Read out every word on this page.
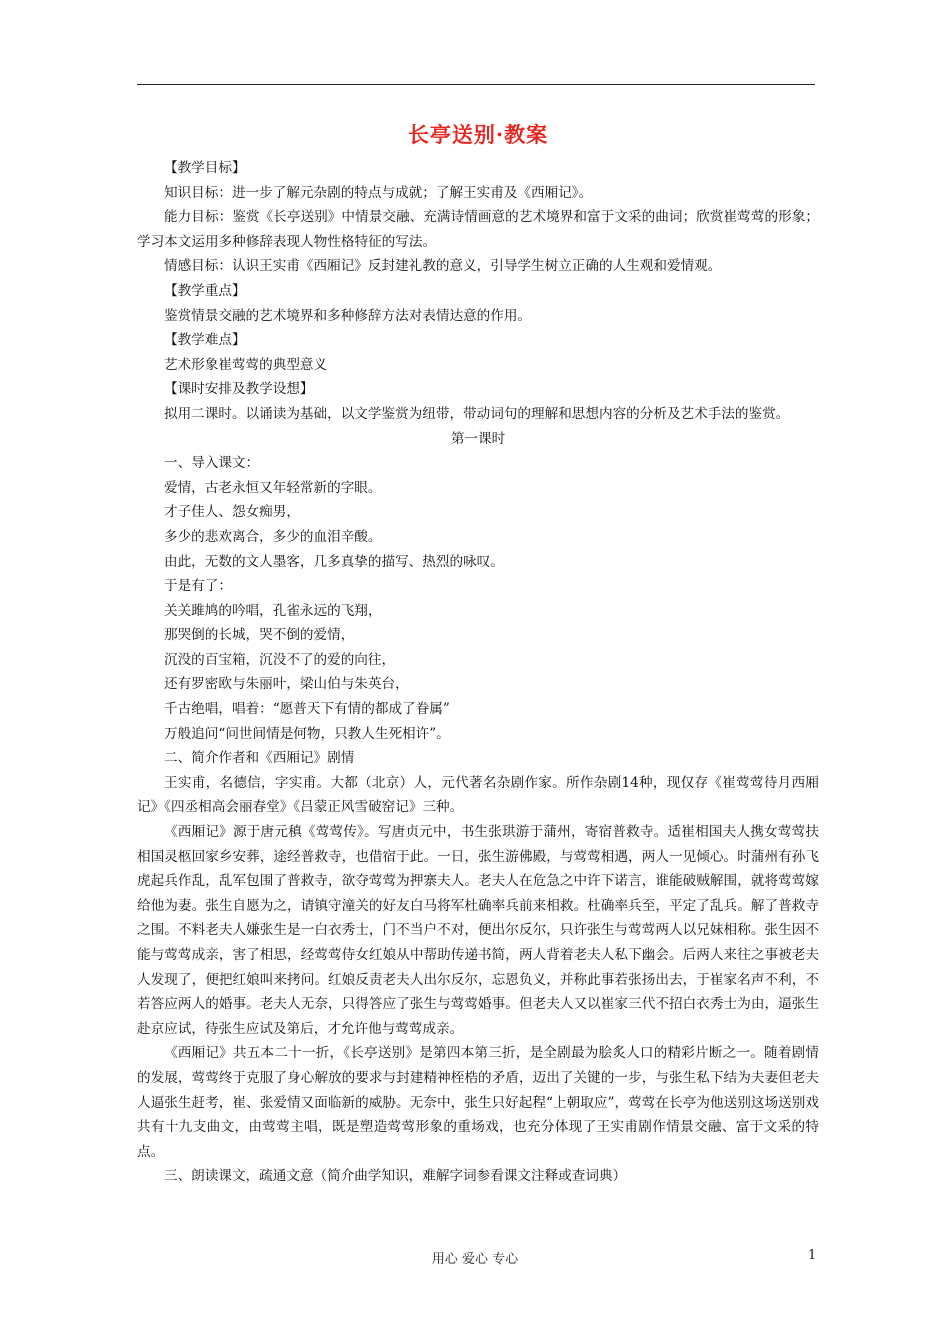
长亭送别·教案

【教学目标】

知识目标：进一步了解元杂剧的特点与成就；了解王实甫及《西厢记》。

能力目标：鉴赏《长亭送别》中情景交融、充满诗情画意的艺术境界和富于文采的曲词；欣赏崔莺莺的形象；学习本文运用多种修辞表现人物性格特征的写法。

情感目标：认识王实甫《西厢记》反封建礼教的意义，引导学生树立正确的人生观和爱情观。

【教学重点】

鉴赏情景交融的艺术境界和多种修辞方法对表情达意的作用。

【教学难点】

艺术形象崔莺莺的典型意义

【课时安排及教学设想】

拟用二课时。以诵读为基础，以文学鉴赏为纽带，带动词句的理解和思想内容的分析及艺术手法的鉴赏。

第一课时

一、导入课文：

爱情，古老永恒又年轻常新的字眼。

才子佳人、怨女痴男，

多少的悲欢离合，多少的血泪辛酸。

由此，无数的文人墨客，几多真挚的描写、热烈的咏叹。

于是有了：

关关雎鸠的吟唱，孔雀永远的飞翔，

那哭倒的长城，哭不倒的爱情，

沉没的百宝箱，沉没不了的爱的向往，

还有罗密欧与朱丽叶，梁山伯与朱英台，

千古绝唱，唱着：“愿普天下有情的都成了眷属”

万般追问“问世间情是何物，只教人生死相许”。

二、简介作者和《西厢记》剧情

王实甫，名德信，字实甫。大都（北京）人，元代著名杂剧作家。所作杂剧14种，现仅存《崔莺莺待月西厢记》《四丞相高会丽春堂》《吕蒙正风雪破窑记》三种。

《西厢记》源于唐元稹《莺莺传》。写唐贞元中，书生张珙游于蒲州，寄宿普救寺。适崔相国夫人携女莺莺扶相国灵柩回家乡安葬，途经普救寺，也借宿于此。一日，张生游佛殿，与莺莺相遇，两人一见倾心。时蒲州有孙飞虎起兵作乱，乱军包围了普救寺，欲夺莺莺为押寨夫人。老夫人在危急之中许下诺言，谁能破贼解围，就将莺莺嫁给他为妻。张生自愿为之，请镇守潼关的好友白马将军杜确率兵前来相救。杜确率兵至，平定了乱兵。解了普救寺之围。不料老夫人嫌张生是一白衣秀士，门不当户不对，便出尔反尔，只许张生与莺莺两人以兄妹相称。张生因不能与莺莺成亲，害了相思，经莺莺侍女红娘从中帮助传递书简，两人背着老夫人私下幽会。后两人来往之事被老夫人发现了，便把红娘叫来拷问。红娘反责老夫人出尔反尔，忘恩负义，并称此事若张扬出去，于崔家名声不利，不若答应两人的婚事。老夫人无奈，只得答应了张生与莺莺婚事。但老夫人又以崔家三代不招白衣秀士为由，逼张生赴京应试，待张生应试及第后，才允许他与莺莺成亲。

《西厢记》共五本二十一折，《长亭送别》是第四本第三折，是全剧最为脍炙人口的精彩片断之一。随着剧情的发展，莺莺终于克服了身心解放的要求与封建精神桎梏的矛盾，迈出了关键的一步，与张生私下结为夫妻但老夫人逼张生赶考，崔、张爱情又面临新的威胁。无奈中，张生只好起程“上朝取应”，莺莺在长亭为他送别这场送别戏共有十九支曲文，由莺莺主唱，既是塑造莺莺形象的重场戏，也充分体现了王实甫剧作情景交融、富于文采的特点。

三、朗读课文，疏通文意（简介曲学知识，难解字词参看课文注释或查词典）

用心 爱心 专心	1
